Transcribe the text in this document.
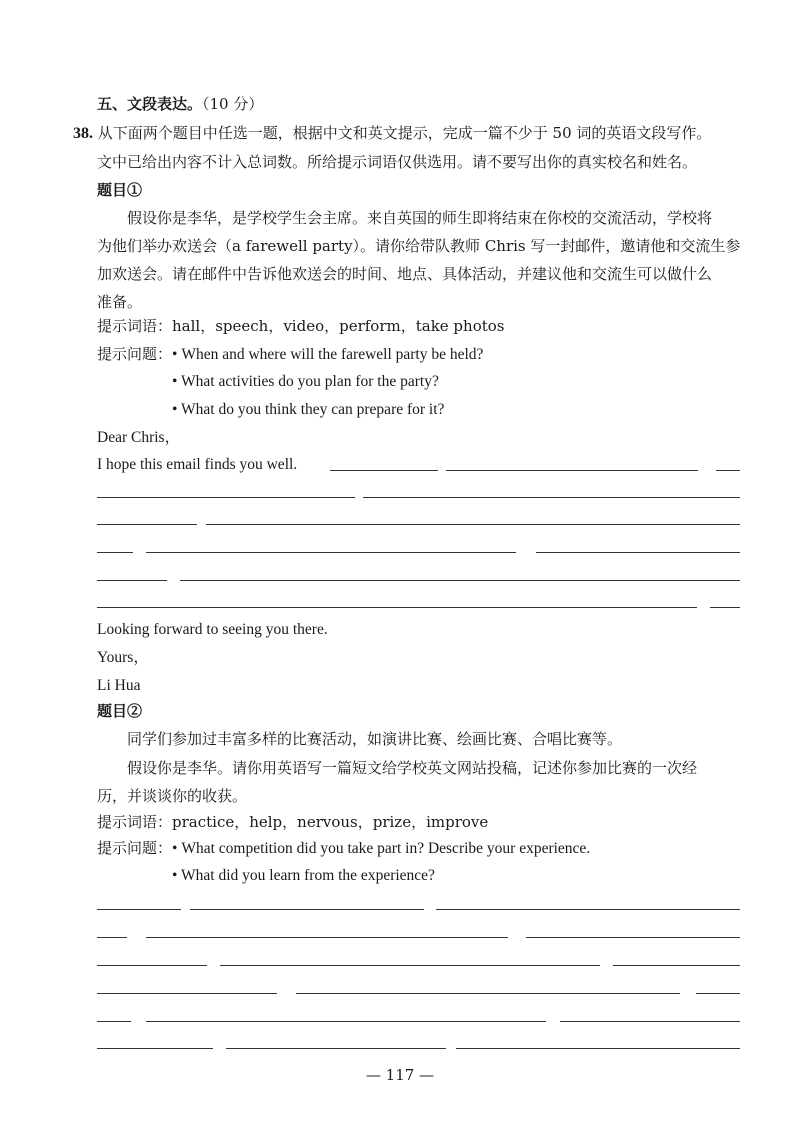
五、文段表达。（10 分）
38. 从下面两个题目中任选一题，根据中文和英文提示，完成一篇不少于 50 词的英语文段写作。
文中已给出内容不计入总词数。所给提示词语仅供选用。请不要写出你的真实校名和姓名。
题目①
假设你是李华，是学校学生会主席。来自英国的师生即将结束在你校的交流活动，学校将
为他们举办欢送会（a farewell party）。请你给带队教师 Chris 写一封邮件，邀请他和交流生参
加欢送会。请在邮件中告诉他欢送会的时间、地点、具体活动，并建议他和交流生可以做什么
准备。
提示词语：hall，speech，video，perform，take photos
提示问题：• When and where will the farewell party be held?
• What activities do you plan for the party?
• What do you think they can prepare for it?
Dear Chris，
I hope this email finds you well.
Looking forward to seeing you there.
Yours，
Li Hua
题目②
同学们参加过丰富多样的比赛活动，如演讲比赛、绘画比赛、合唱比赛等。
假设你是李华。请你用英语写一篇短文给学校英文网站投稿，记述你参加比赛的一次经
历，并谈谈你的收获。
提示词语：practice，help，nervous，prize，improve
提示问题：• What competition did you take part in? Describe your experience.
• What did you learn from the experience?
— 117 —
